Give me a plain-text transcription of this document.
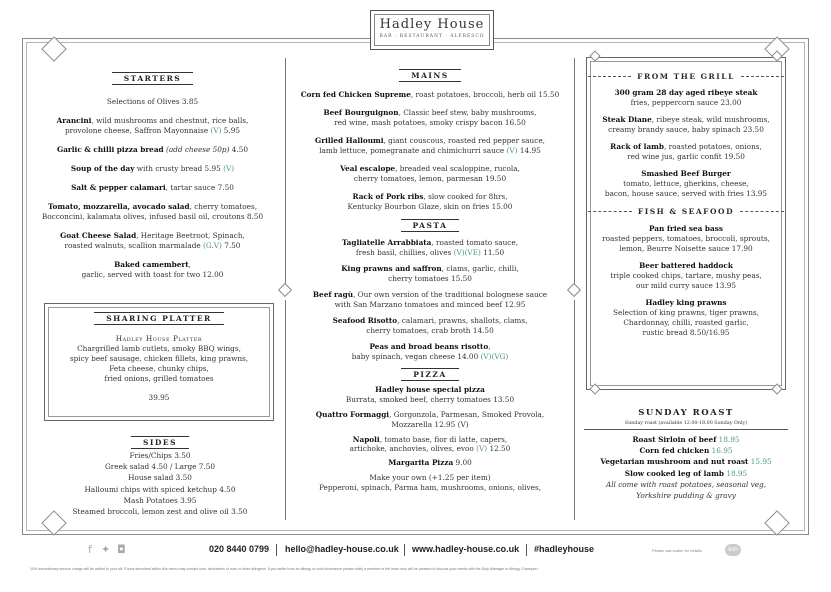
Hadley House
BAR · RESTAURANT · ALFRESCO
STARTERS
Selections of Olives 3.85
Arancini, wild mushrooms and chestnut, rice balls,
provolone cheese, Saffron Mayonnaise (V) 5.95
Garlic & chilli pizza bread (add cheese 50p) 4.50
Soup of the day with crusty bread 5.95 (V)
Salt & pepper calamari, tartar sauce 7.50
Tomato, mozzarella, avocado salad, cherry tomatoes,
Bocconcini, kalamata olives, infused basil oil, croutons 8.50
Goat Cheese Salad, Heritage Beetroot, Spinach,
roasted walnuts, scallion marmalade (G.V) 7.50
Baked camembert,
garlic, served with toast for two 12.00
SHARING PLATTER
Hadley House Platter
Chargrilled lamb cutlets, smoky BBQ wings,
spicy beef sausage, chicken fillets, king prawns,
Feta cheese, chunky chips,
fried onions, grilled tomatoes
39.95
SIDES
Fries/Chips 3.50
Greek salad 4.50 / Large 7.50
House salad 3.50
Halloumi chips with spiced ketchup 4.50
Mash Potatoes 3.95
Steamed broccoli, lemon zest and olive oil 3.50
MAINS
Corn fed Chicken Supreme, roast potatoes, broccoli, herb oil 15.50
Beef Bourguignon, Classic beef stew, baby mushrooms,
red wine, mash potatoes, smoky crispy bacon 16.50
Grilled Halloumi, giant couscous, roasted red pepper sauce,
lamb lettuce, pomegranate and chimichurri sauce (V) 14.95
Veal escalope, breaded veal scaloppine, rucola,
cherry tomatoes, lemon, parmesan 19.50
Rack of Pork ribs, slow cooked for 8hrs,
Kentucky Bourbon Glaze, skin on fries 15.00
PASTA
Tagliatelle Arrabbiata, roasted tomato sauce,
fresh basil, chillies, olives (V)(VE) 11.50
King prawns and saffron, clams, garlic, chilli,
cherry tomatoes 15.50
Beef ragù, Our own version of the traditional bolognese sauce
with San Marzano tomatoes and minced beef 12.95
Seafood Risotto, calamari, prawns, shallots, clams,
cherry tomatoes, crab broth 14.50
Peas and broad beans risotto,
baby spinach, vegan cheese 14.00 (V)(VG)
PIZZA
Hadley house special pizza
Burrata, smoked beef, cherry tomatoes 13.50
Quattro Formaggi, Gorgonzola, Parmesan, Smoked Provola,
Mozzarella 12.95 (V)
Napoli, tomato base, fior di latte, capers,
artichoke, anchovies, olives, evoo (V) 12.50
Margarita Pizza 9.00
Make your own (+1.25 per item)
Pepperoni, spinach, Parma ham, mushrooms, onions, olives,
FROM THE GRILL
300 gram 28 day aged ribeye steak
fries, peppercorn sauce 23.00
Steak Diane, ribeye steak, wild mushrooms,
creamy brandy sauce, baby spinach 23.50
Rack of lamb, roasted potatoes, onions,
red wine jus, garlic confit 19.50
Smashed Beef Burger
tomato, lettuce, gherkins, cheese,
bacon, house sauce, served with fries 13.95
FISH & SEAFOOD
Pan fried sea bass
roasted peppers, tomatoes, broccoli, sprouts,
lemon, Beurre Noisette sauce 17.90
Beer battered haddock
triple cooked chips, tartare, mushy peas,
our mild curry sauce 13.95
Hadley king prawns
Selection of king prawns, tiger prawns,
Chardonnay, chilli, roasted garlic,
rustic bread 8.50/16.95
SUNDAY ROAST
Sunday roast (available 12.00-18.00 Sunday Only)
Roast Sirloin of beef 18.95
Corn fed chicken 16.95
Vegetarian mushroom and nut roast 15.95
Slow cooked leg of lamb 18.95
All come with roast potatoes, seasonal veg,
Yorkshire pudding & gravy
f ✦ ◘	020 8440 0799 hello@hadley-house.co.uk www.hadley-house.co.uk #hadleyhouse	Please ask waiter for details	WiFi
10% discretionary service charge will be added to your bill. Foods described within this menu may contain nuts, derivatives of nuts or other allergens. If you suffer from an allergy or food intolerance please notify a member of the team who will be pleased to discuss your needs with the Duty Manager or Allergy Champion.
